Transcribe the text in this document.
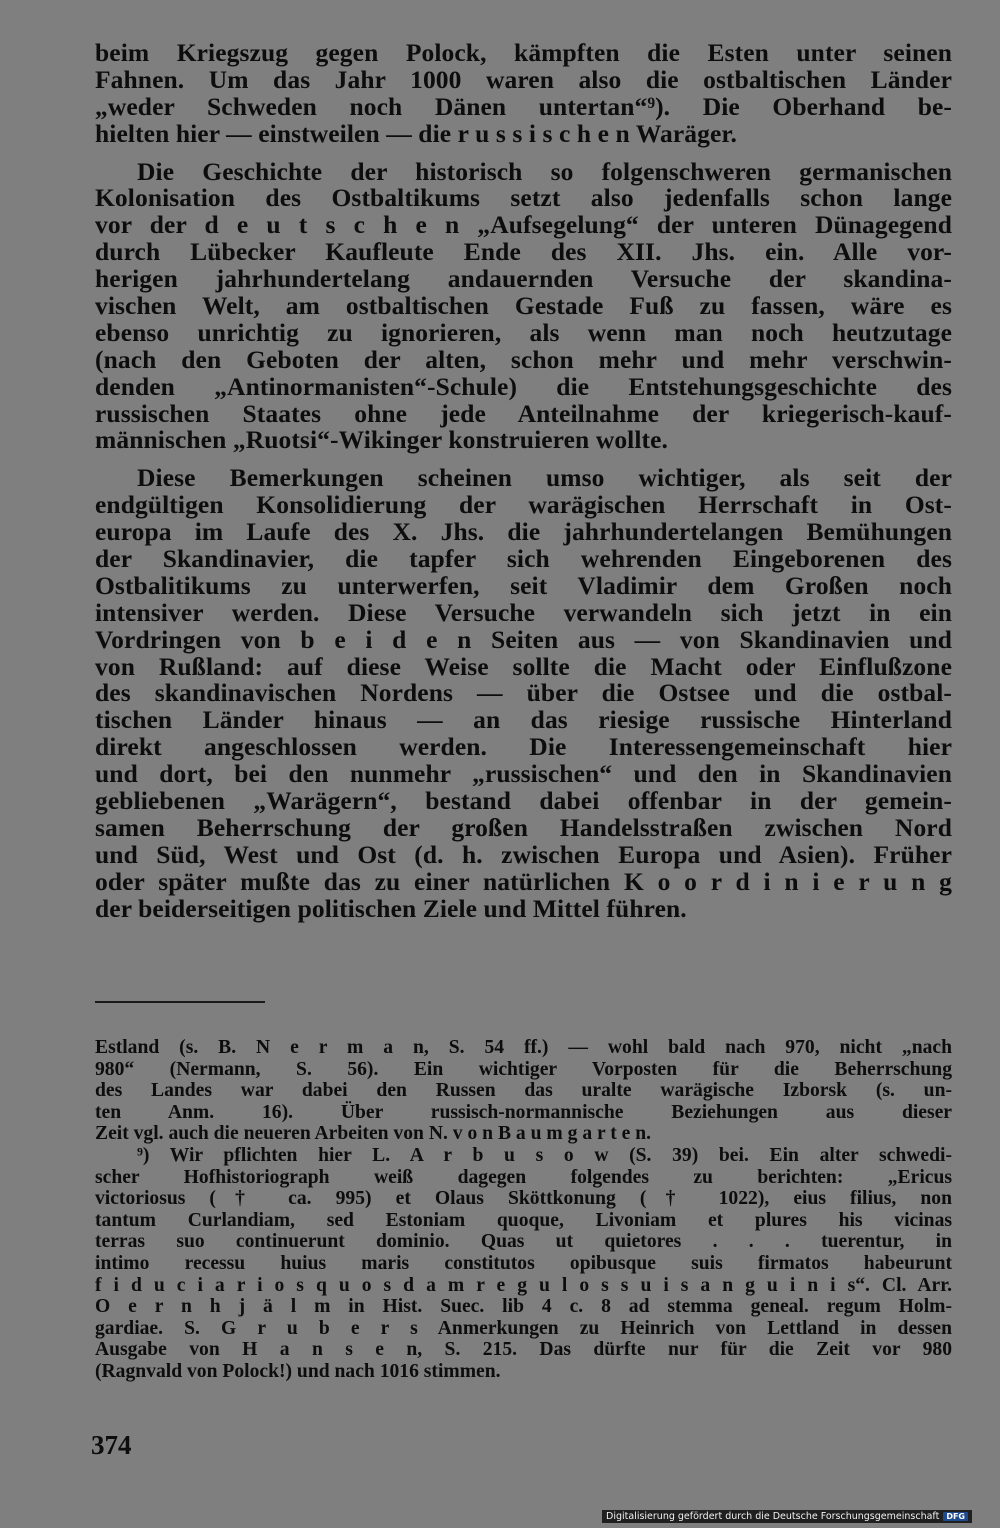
beim Kriegszug gegen Polock, kämpften die Esten unter seinen
Fahnen. Um das Jahr 1000 waren also die ostbaltischen Länder
„weder Schweden noch Dänen untertan“⁹). Die Oberhand be-
hielten hier — einstweilen — die r u s s i s c h e n Waräger.
Die Geschichte der historisch so folgenschweren germanischen
Kolonisation des Ostbaltikums setzt also jedenfalls schon lange
vor der d e u t s c h e n „Aufsegelung“ der unteren Dünagegend
durch Lübecker Kaufleute Ende des XII. Jhs. ein. Alle vor-
herigen jahrhundertelang andauernden Versuche der skandina-
vischen Welt, am ostbaltischen Gestade Fuß zu fassen, wäre es
ebenso unrichtig zu ignorieren, als wenn man noch heutzutage
(nach den Geboten der alten, schon mehr und mehr verschwin-
denden „Antinormanisten“-Schule) die Entstehungsgeschichte des
russischen Staates ohne jede Anteilnahme der kriegerisch-kauf-
männischen „Ruotsi“-Wikinger konstruieren wollte.
Diese Bemerkungen scheinen umso wichtiger, als seit der
endgültigen Konsolidierung der warägischen Herrschaft in Ost-
europa im Laufe des X. Jhs. die jahrhundertelangen Bemühungen
der Skandinavier, die tapfer sich wehrenden Eingeborenen des
Ostbalitikums zu unterwerfen, seit Vladimir dem Großen noch
intensiver werden. Diese Versuche verwandeln sich jetzt in ein
Vordringen von b e i d e n Seiten aus — von Skandinavien und
von Rußland: auf diese Weise sollte die Macht oder Einflußzone
des skandinavischen Nordens — über die Ostsee und die ostbal-
tischen Länder hinaus — an das riesige russische Hinterland
direkt angeschlossen werden. Die Interessengemeinschaft hier
und dort, bei den nunmehr „russischen“ und den in Skandinavien
gebliebenen „Warägern“, bestand dabei offenbar in der gemein-
samen Beherrschung der großen Handelsstraßen zwischen Nord
und Süd, West und Ost (d. h. zwischen Europa und Asien). Früher
oder später mußte das zu einer natürlichen K o o r d i n i e r u n g
der beiderseitigen politischen Ziele und Mittel führen.
Estland (s. B. N e r m a n, S. 54 ff.) — wohl bald nach 970, nicht „nach
980“ (Nermann, S. 56). Ein wichtiger Vorposten für die Beherrschung
des Landes war dabei den Russen das uralte warägische Izborsk (s. un-
ten Anm. 16). Über russisch-normannische Beziehungen aus dieser
Zeit vgl. auch die neueren Arbeiten von N. v o n B a u m g a r t e n.
⁹) Wir pflichten hier L. A r b u s o w (S. 39) bei. Ein alter schwedi-
scher Hofhistoriograph weiß dagegen folgendes zu berichten: „Ericus
victoriosus († ca. 995) et Olaus Sköttkonung († 1022), eius filius, non
tantum Curlandiam, sed Estoniam quoque, Livoniam et plures his vicinas
terras suo continuerunt dominio. Quas ut quietores . . . tuerentur, in
intimo recessu huius maris constitutos opibusque suis firmatos habeurunt
f i d u c i a r i o s q u o s d a m r e g u l o s s u i s a n g u i n i s“. Cl. Arr.
O e r n h j ä l m in Hist. Suec. lib 4 c. 8 ad stemma geneal. regum Holm-
gardiae. S. G r u b e r s Anmerkungen zu Heinrich von Lettland in dessen
Ausgabe von H a n s e n, S. 215. Das dürfte nur für die Zeit vor 980
(Ragnvald von Polock!) und nach 1016 stimmen.
374
Digitalisierung gefördert durch die Deutsche Forschungsgemeinschaft DFG
